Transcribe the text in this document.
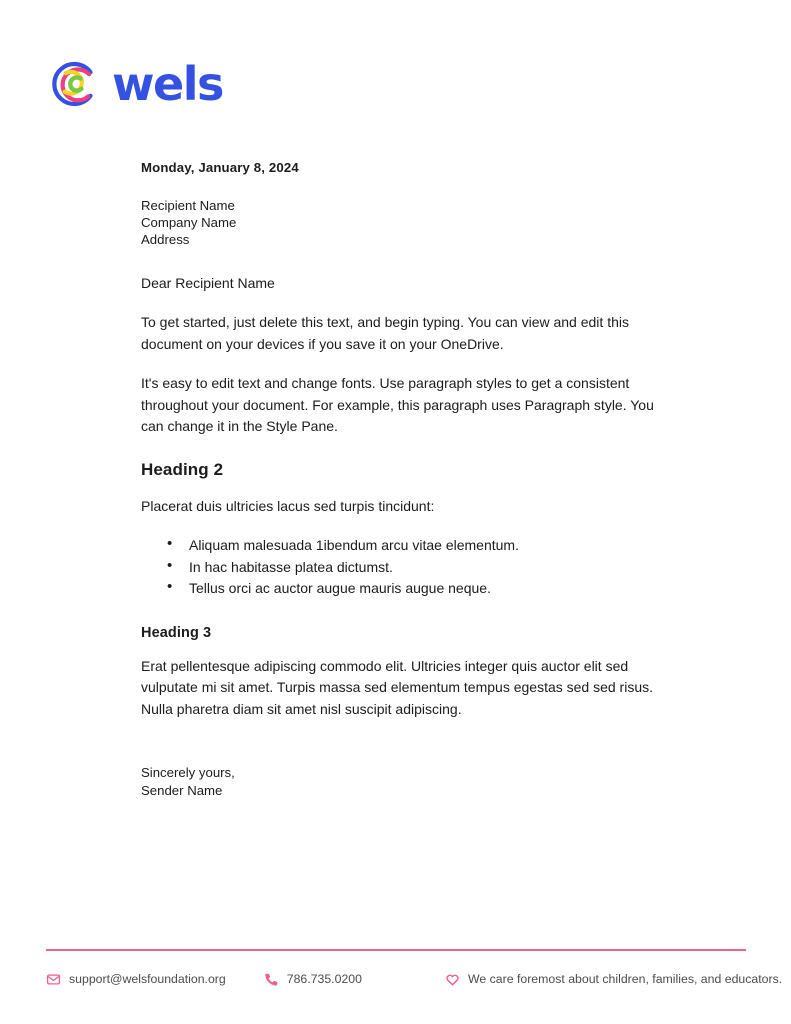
wels
Monday, January 8, 2024
Recipient Name
Company Name
Address
Dear Recipient Name

To get started, just delete this text, and begin typing. You can view and edit this document on your devices if you save it on your OneDrive.

It's easy to edit text and change fonts. Use paragraph styles to get a consistent throughout your document. For example, this paragraph uses Paragraph style. You can change it in the Style Pane.

Heading 2

Placerat duis ultricies lacus sed turpis tincidunt:

• Aliquam malesuada 1ibendum arcu vitae elementum.
• In hac habitasse platea dictumst.
• Tellus orci ac auctor augue mauris augue neque.
Heading 3

Erat pellentesque adipiscing commodo elit. Ultricies integer quis auctor elit sed vulputate mi sit amet. Turpis massa sed elementum tempus egestas sed sed risus. Nulla pharetra diam sit amet nisl suscipit adipiscing.

Sincerely yours,
Sender Name
support@welsfoundation.org	786.735.0200	We care foremost about children, families, and educators.
